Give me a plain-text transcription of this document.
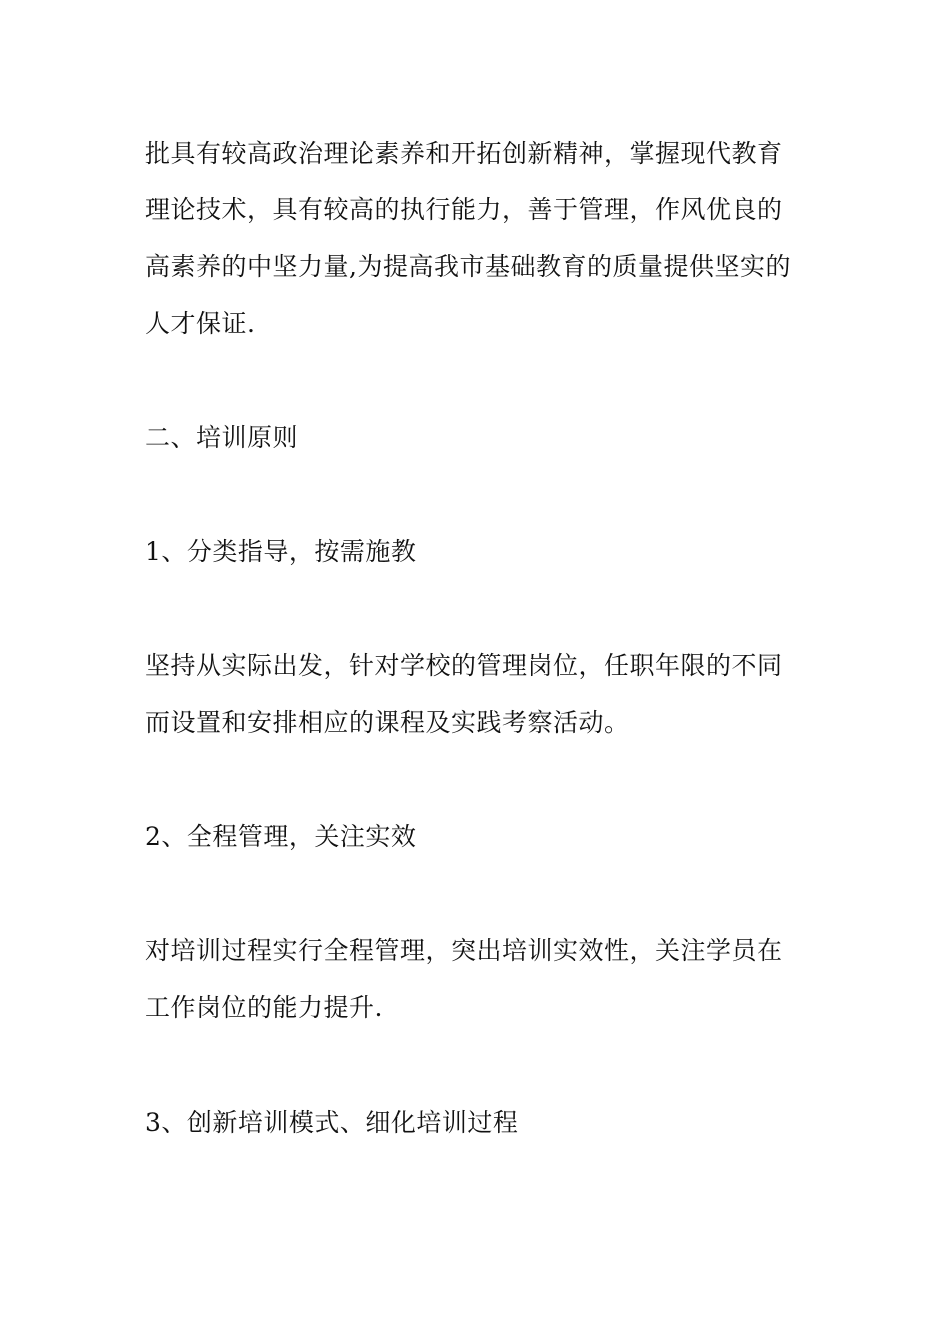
批具有较高政治理论素养和开拓创新精神，掌握现代教育
理论技术，具有较高的执行能力，善于管理，作风优良的
高素养的中坚力量,为提高我市基础教育的质量提供坚实的
人才保证.
二、培训原则
1、分类指导，按需施教
坚持从实际出发，针对学校的管理岗位，任职年限的不同
而设置和安排相应的课程及实践考察活动。
2、全程管理，关注实效
对培训过程实行全程管理，突出培训实效性，关注学员在
工作岗位的能力提升.
3、创新培训模式、细化培训过程
